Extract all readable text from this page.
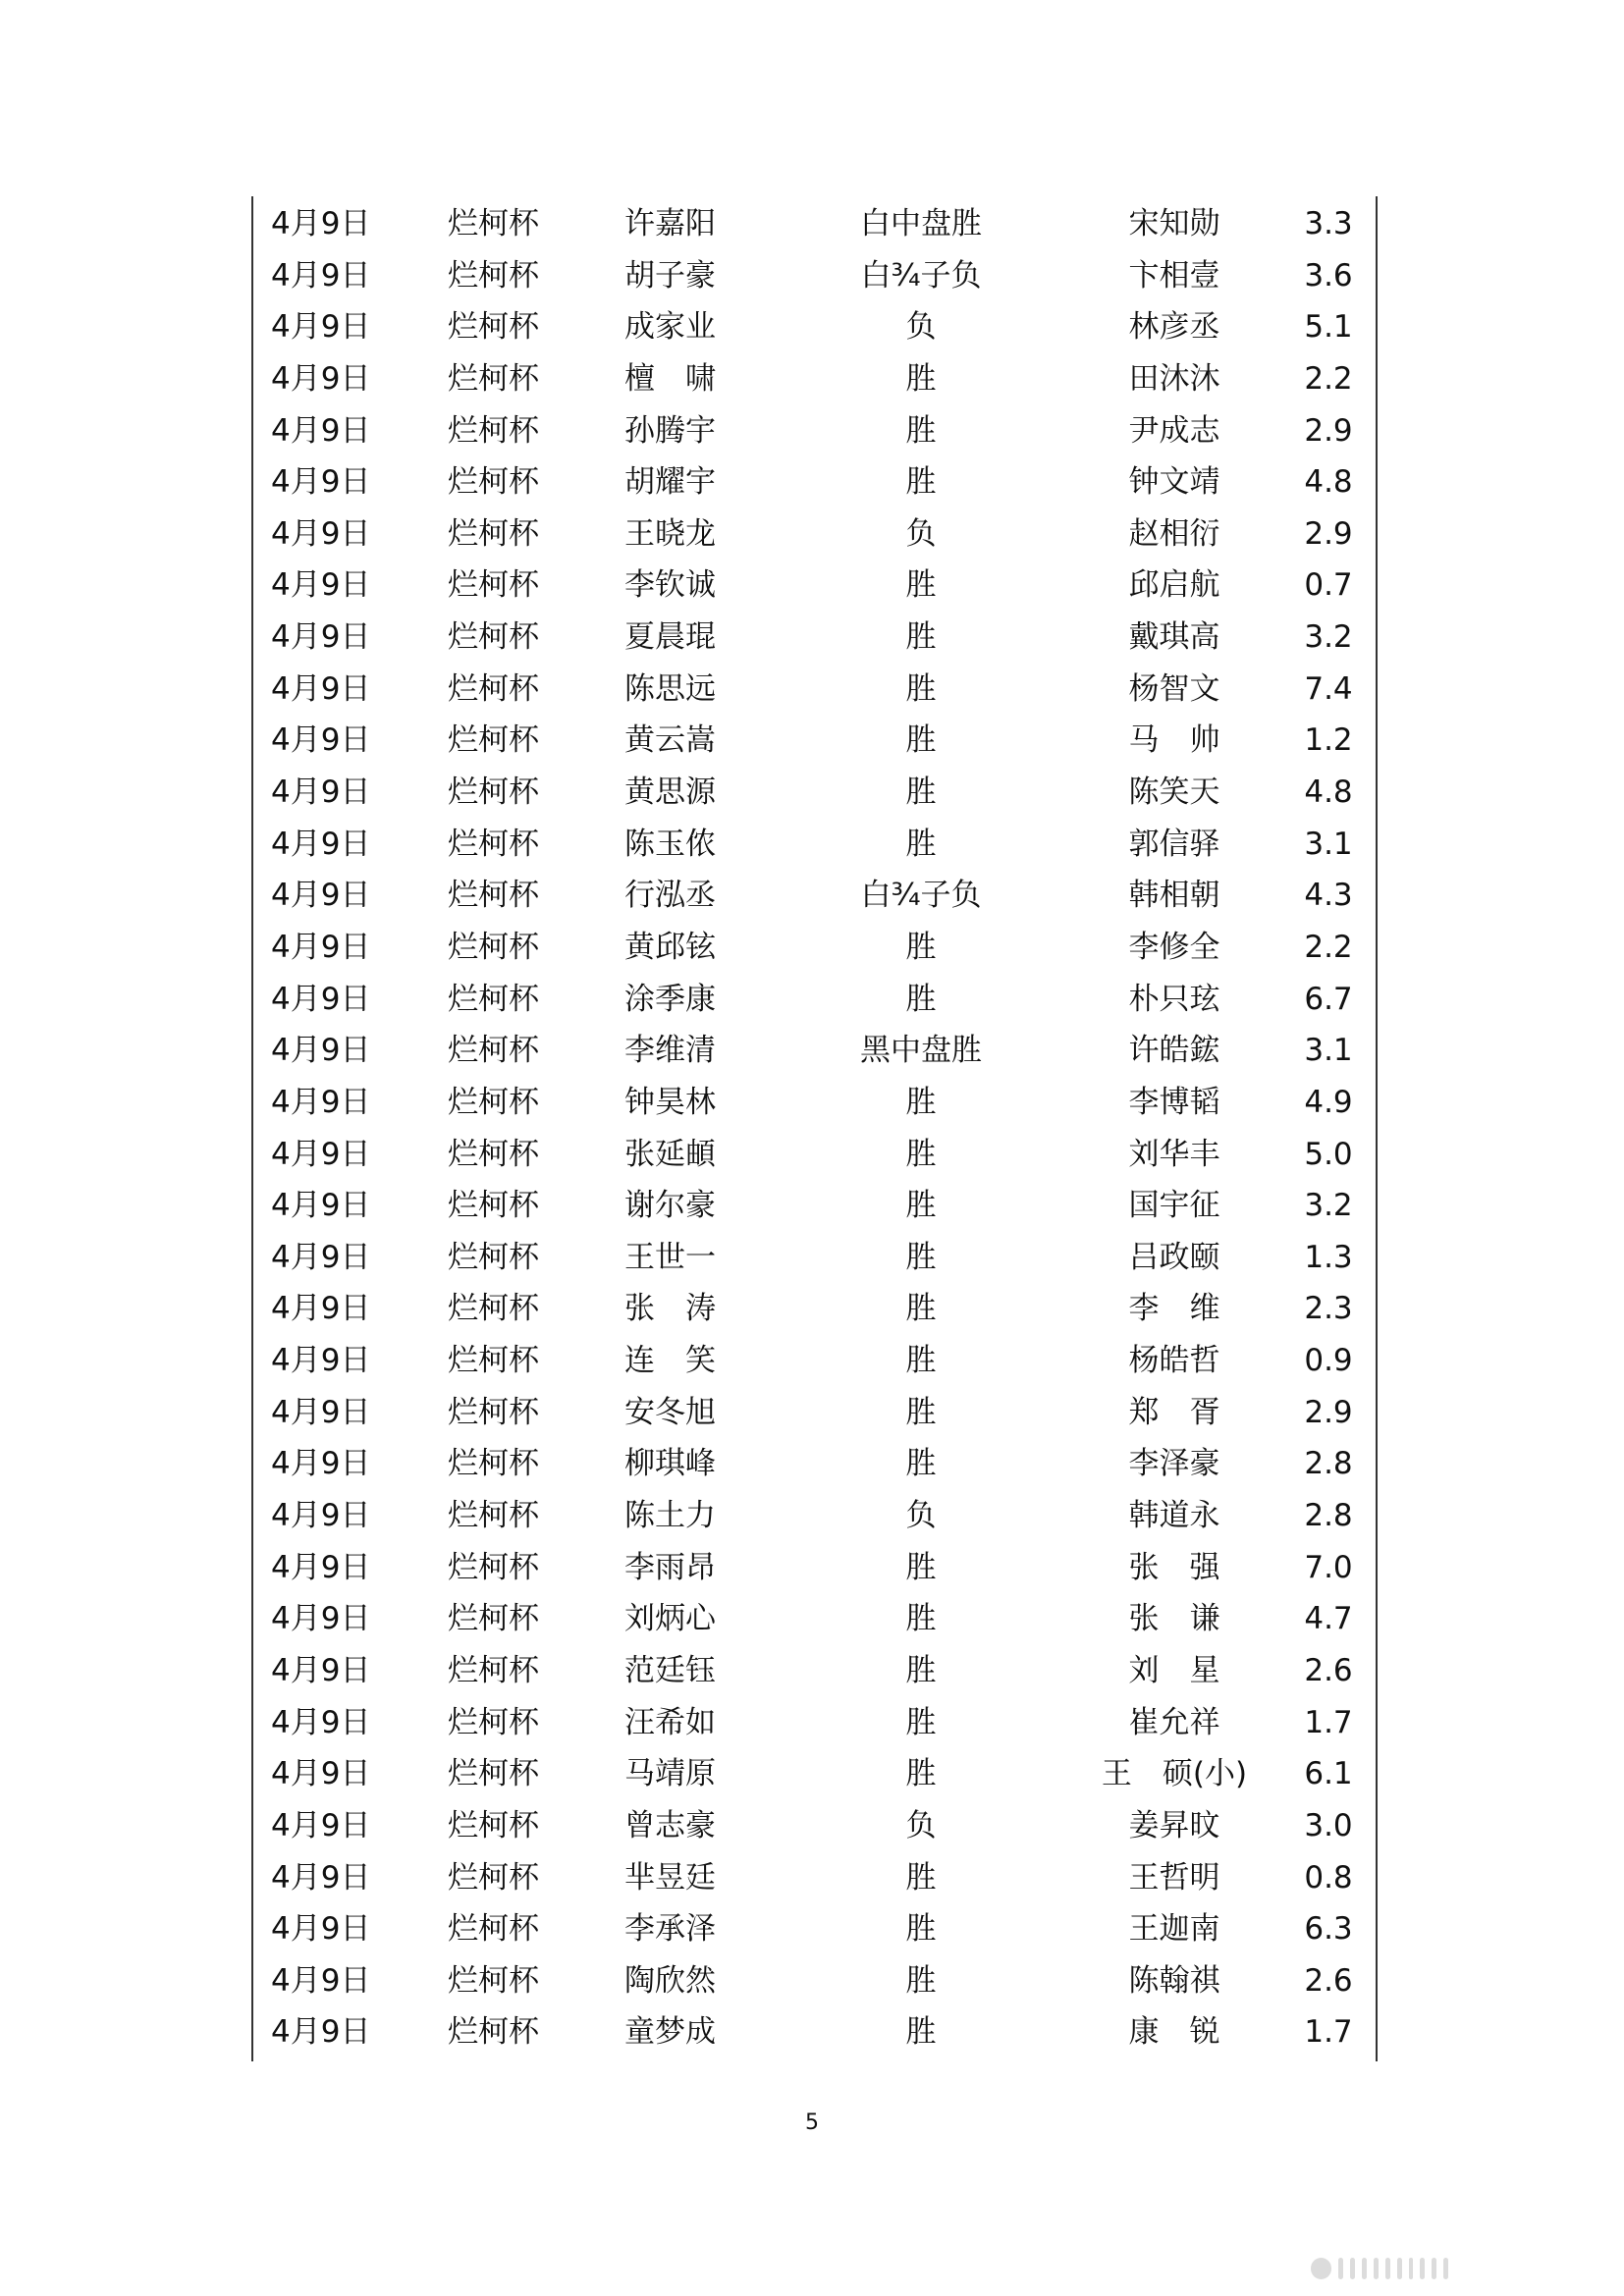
4月9日	烂柯杯	许嘉阳	白中盘胜	宋知勋	3.3
4月9日	烂柯杯	胡子豪	白¾子负	卞相壹	3.6
4月9日	烂柯杯	成家业	负	林彦丞	5.1
4月9日	烂柯杯	檀　啸	胜	田沐沐	2.2
4月9日	烂柯杯	孙腾宇	胜	尹成志	2.9
4月9日	烂柯杯	胡耀宇	胜	钟文靖	4.8
4月9日	烂柯杯	王晓龙	负	赵相衍	2.9
4月9日	烂柯杯	李钦诚	胜	邱启航	0.7
4月9日	烂柯杯	夏晨琨	胜	戴琪高	3.2
4月9日	烂柯杯	陈思远	胜	杨智文	7.4
4月9日	烂柯杯	黄云嵩	胜	马　帅	1.2
4月9日	烂柯杯	黄思源	胜	陈笑天	4.8
4月9日	烂柯杯	陈玉侬	胜	郭信驿	3.1
4月9日	烂柯杯	行泓丞	白¾子负	韩相朝	4.3
4月9日	烂柯杯	黄邱铉	胜	李修全	2.2
4月9日	烂柯杯	涂季康	胜	朴只玹	6.7
4月9日	烂柯杯	李维清	黑中盘胜	许皓鋐	3.1
4月9日	烂柯杯	钟昊林	胜	李博韬	4.9
4月9日	烂柯杯	张延頔	胜	刘华丰	5.0
4月9日	烂柯杯	谢尔豪	胜	国宇征	3.2
4月9日	烂柯杯	王世一	胜	吕政颐	1.3
4月9日	烂柯杯	张　涛	胜	李　维	2.3
4月9日	烂柯杯	连　笑	胜	杨皓哲	0.9
4月9日	烂柯杯	安冬旭	胜	郑　胥	2.9
4月9日	烂柯杯	柳琪峰	胜	李泽豪	2.8
4月9日	烂柯杯	陈土力	负	韩道永	2.8
4月9日	烂柯杯	李雨昂	胜	张　强	7.0
4月9日	烂柯杯	刘炳心	胜	张　谦	4.7
4月9日	烂柯杯	范廷钰	胜	刘　星	2.6
4月9日	烂柯杯	汪希如	胜	崔允祥	1.7
4月9日	烂柯杯	马靖原	胜	王　硕(小)	6.1
4月9日	烂柯杯	曾志豪	负	姜昇旼	3.0
4月9日	烂柯杯	芈昱廷	胜	王哲明	0.8
4月9日	烂柯杯	李承泽	胜	王迦南	6.3
4月9日	烂柯杯	陶欣然	胜	陈翰祺	2.6
4月9日	烂柯杯	童梦成	胜	康　锐	1.7
5
